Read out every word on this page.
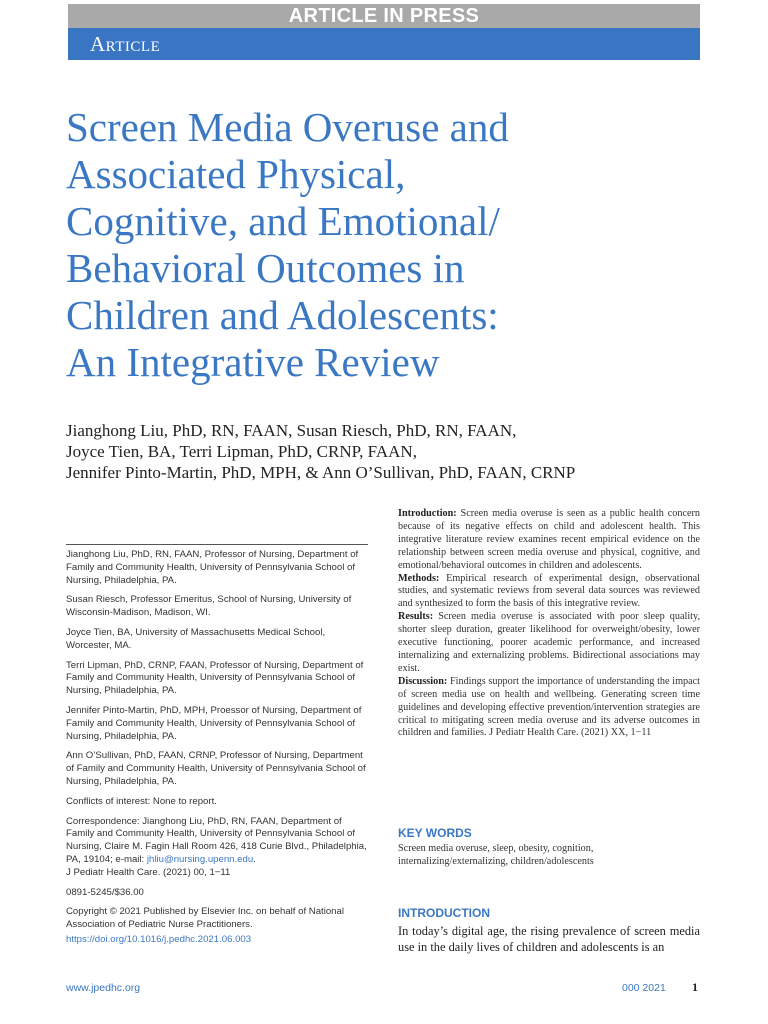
ARTICLE IN PRESS
Article
Screen Media Overuse and
Associated Physical,
Cognitive, and Emotional/
Behavioral Outcomes in
Children and Adolescents:
An Integrative Review
Jianghong Liu, PhD, RN, FAAN, Susan Riesch, PhD, RN, FAAN,
Joyce Tien, BA, Terri Lipman, PhD, CRNP, FAAN,
Jennifer Pinto-Martin, PhD, MPH, & Ann O’Sullivan, PhD, FAAN, CRNP

Jianghong Liu, PhD, RN, FAAN, Professor of Nursing, Department of Family and Community Health, University of Pennsylvania School of Nursing, Philadelphia, PA.

Susan Riesch, Professor Emeritus, School of Nursing, University of Wisconsin-Madison, Madison, WI.

Joyce Tien, BA, University of Massachusetts Medical School, Worcester, MA.

Terri Lipman, PhD, CRNP, FAAN, Professor of Nursing, Department of Family and Community Health, University of Pennsylvania School of Nursing, Philadelphia, PA.

Jennifer Pinto-Martin, PhD, MPH, Proessor of Nursing, Department of Family and Community Health, University of Pennsylvania School of Nursing, Philadelphia, PA.

Ann O’Sullivan, PhD, FAAN, CRNP, Professor of Nursing, Department of Family and Community Health, University of Pennsylvania School of Nursing, Philadelphia, PA.

Conflicts of interest: None to report.

Correspondence: Jianghong Liu, PhD, RN, FAAN, Department of Family and Community Health, University of Pennsylvania School of Nursing, Claire M. Fagin Hall Room 426, 418 Curie Blvd., Philadelphia, PA, 19104; e-mail: jhliu@nursing.upenn.edu.

J Pediatr Health Care. (2021) 00, 1−11

0891-5245/$36.00

Copyright © 2021 Published by Elsevier Inc. on behalf of National Association of Pediatric Nurse Practitioners.

https://doi.org/10.1016/j.pedhc.2021.06.003

Introduction: Screen media overuse is seen as a public health concern because of its negative effects on child and adolescent health. This integrative literature review examines recent empirical evidence on the relationship between screen media overuse and physical, cognitive, and emotional/behavioral outcomes in children and adolescents.

Methods: Empirical research of experimental design, observational studies, and systematic reviews from several data sources was reviewed and synthesized to form the basis of this integrative review.

Results: Screen media overuse is associated with poor sleep quality, shorter sleep duration, greater likelihood for overweight/obesity, lower executive functioning, poorer academic performance, and increased internalizing and externalizing problems. Bidirectional associations may exist.

Discussion: Findings support the importance of understanding the impact of screen media use on health and wellbeing. Generating screen time guidelines and developing effective prevention/intervention strategies are critical to mitigating screen media overuse and its adverse outcomes in children and families. J Pediatr Health Care. (2021) XX, 1−11

KEY WORDS
Screen media overuse, sleep, obesity, cognition, internalizing/externalizing, children/adolescents
INTRODUCTION
In today’s digital age, the rising prevalence of screen media use in the daily lives of children and adolescents is an
www.jpedhc.org	000 2021 1
